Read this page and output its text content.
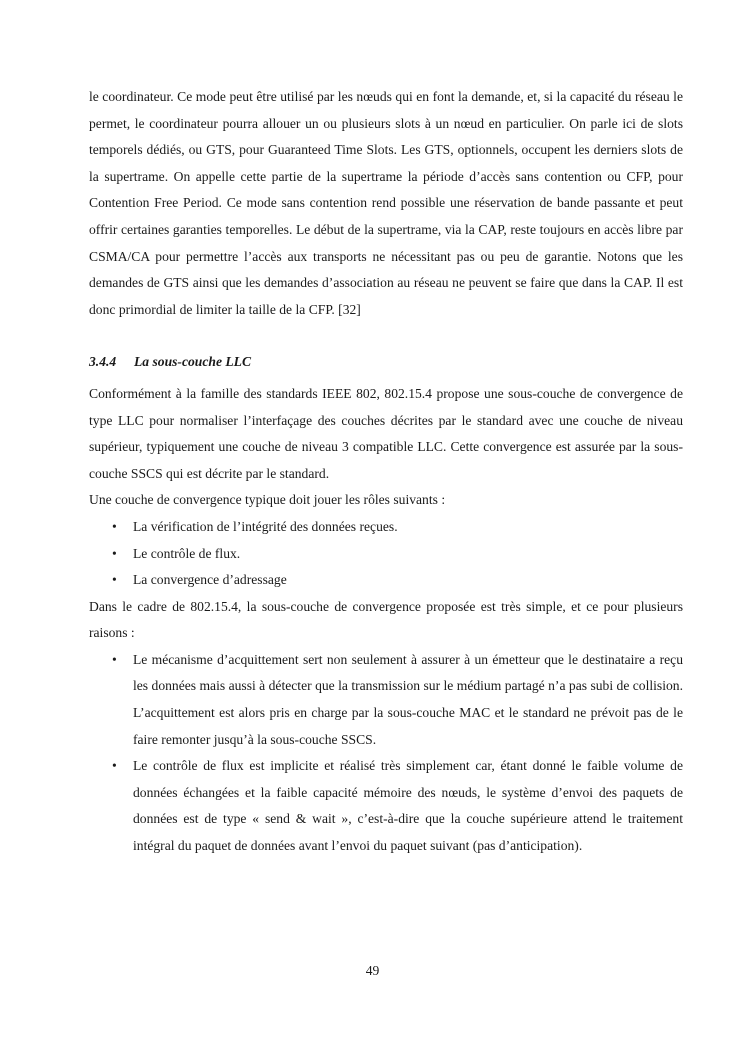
le coordinateur. Ce mode peut être utilisé par les nœuds qui en font la demande, et, si la capacité du réseau le permet, le coordinateur pourra allouer un ou plusieurs slots à un nœud en particulier. On parle ici de slots temporels dédiés, ou GTS, pour Guaranteed Time Slots. Les GTS, optionnels, occupent les derniers slots de la supertrame. On appelle cette partie de la supertrame la période d’accès sans contention ou CFP, pour Contention Free Period. Ce mode sans contention rend possible une réservation de bande passante et peut offrir certaines garanties temporelles. Le début de la supertrame, via la CAP, reste toujours en accès libre par CSMA/CA pour permettre l’accès aux transports ne nécessitant pas ou peu de garantie. Notons que les demandes de GTS ainsi que les demandes d’association au réseau ne peuvent se faire que dans la CAP. Il est donc primordial de limiter la taille de la CFP. [32]

3.4.4 La sous-couche LLC

Conformément à la famille des standards IEEE 802, 802.15.4 propose une sous-couche de convergence de type LLC pour normaliser l’interfaçage des couches décrites par le standard avec une couche de niveau supérieur, typiquement une couche de niveau 3 compatible LLC. Cette convergence est assurée par la sous-couche SSCS qui est décrite par le standard.

Une couche de convergence typique doit jouer les rôles suivants :

• La vérification de l’intégrité des données reçues.
• Le contrôle de flux.
• La convergence d’adressage

Dans le cadre de 802.15.4, la sous-couche de convergence proposée est très simple, et ce pour plusieurs raisons :

• Le mécanisme d’acquittement sert non seulement à assurer à un émetteur que le destinataire a reçu les données mais aussi à détecter que la transmission sur le médium partagé n’a pas subi de collision. L’acquittement est alors pris en charge par la sous-couche MAC et le standard ne prévoit pas de le faire remonter jusqu’à la sous-couche SSCS.
• Le contrôle de flux est implicite et réalisé très simplement car, étant donné le faible volume de données échangées et la faible capacité mémoire des nœuds, le système d’envoi des paquets de données est de type « send & wait », c’est-à-dire que la couche supérieure attend le traitement intégral du paquet de données avant l’envoi du paquet suivant (pas d’anticipation).
49
